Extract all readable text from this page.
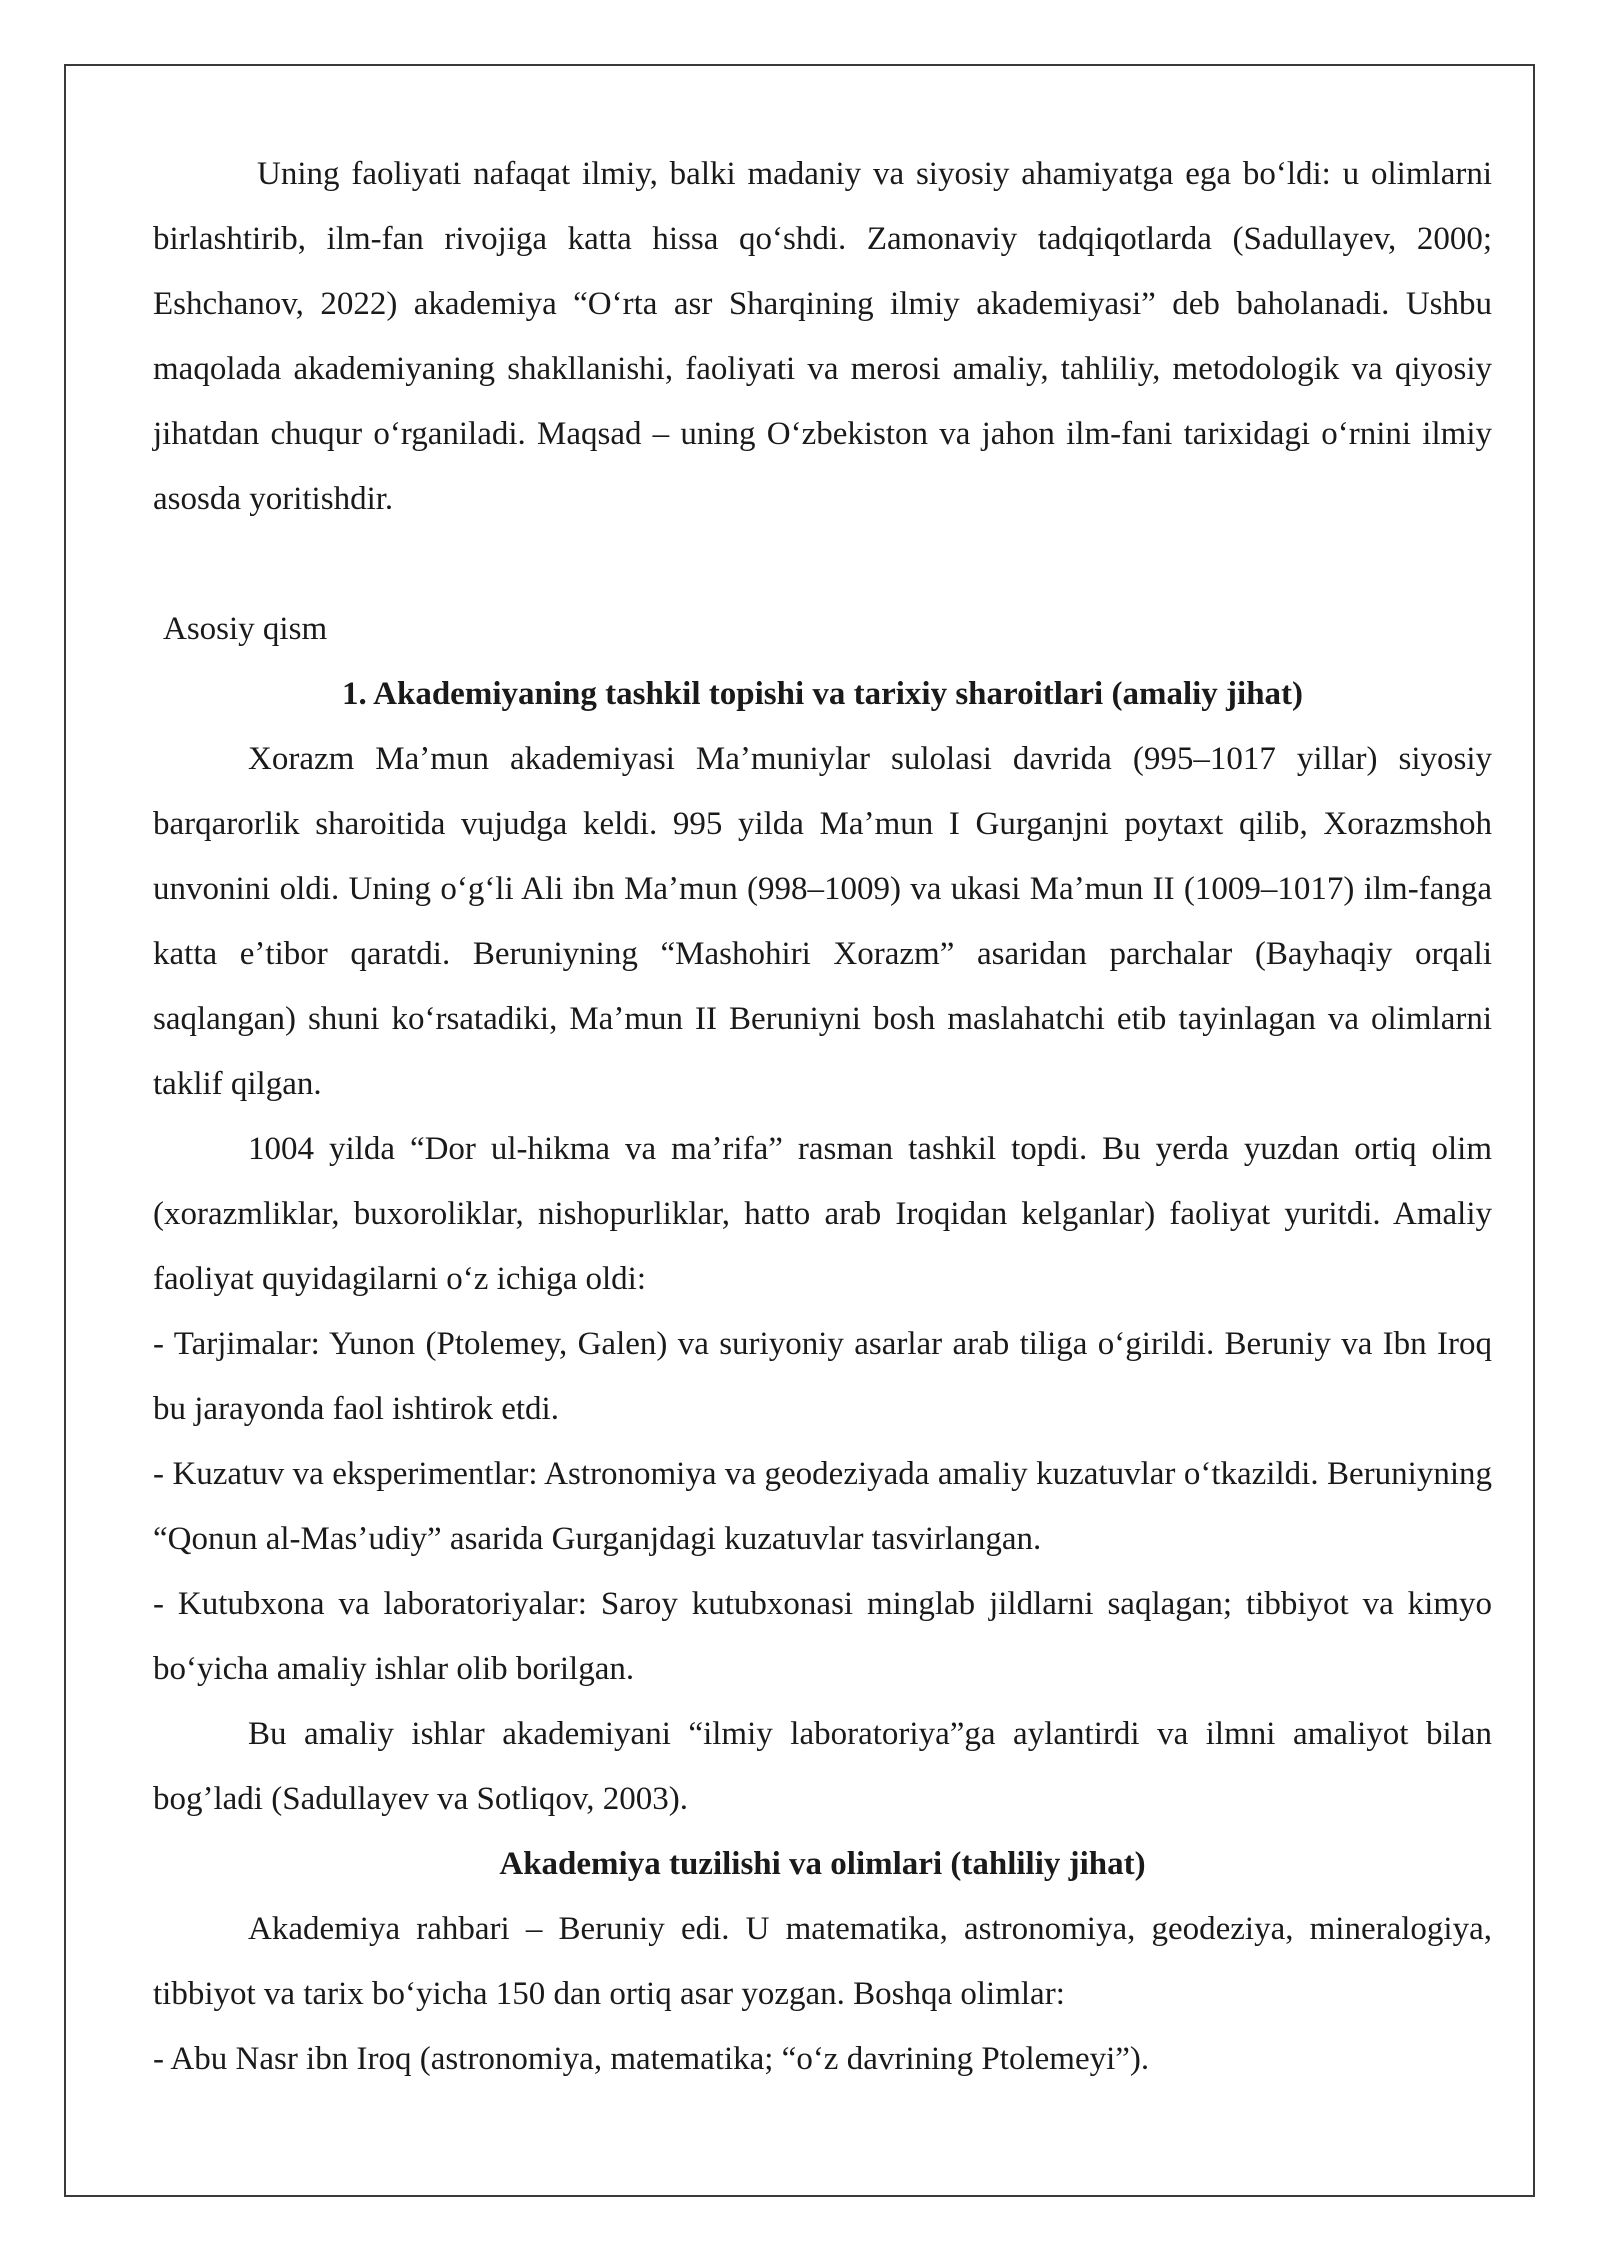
Uning faoliyati nafaqat ilmiy, balki madaniy va siyosiy ahamiyatga ega boʻldi: u olimlarni birlashtirib, ilm-fan rivojiga katta hissa qoʻshdi. Zamonaviy tadqiqotlarda (Sadullayev, 2000; Eshchanov, 2022) akademiya “Oʻrta asr Sharqining ilmiy akademiyasi” deb baholanadi. Ushbu maqolada akademiyaning shakllanishi, faoliyati va merosi amaliy, tahliliy, metodologik va qiyosiy jihatdan chuqur oʻrganiladi. Maqsad – uning Oʻzbekiston va jahon ilm-fani tarixidagi oʻrnini ilmiy asosda yoritishdir.

Asosiy qism

1. Akademiyaning tashkil topishi va tarixiy sharoitlari (amaliy jihat)

Xorazm Maʼmun akademiyasi Maʼmuniylar sulolasi davrida (995–1017 yillar) siyosiy barqarorlik sharoitida vujudga keldi. 995 yilda Maʼmun I Gurganjni poytaxt qilib, Xorazmshoh unvonini oldi. Uning oʻgʻli Ali ibn Maʼmun (998–1009) va ukasi Maʼmun II (1009–1017) ilm-fanga katta eʼtibor qaratdi. Beruniyning “Mashohiri Xorazm” asaridan parchalar (Bayhaqiy orqali saqlangan) shuni koʻrsatadiki, Maʼmun II Beruniyni bosh maslahatchi etib tayinlagan va olimlarni taklif qilgan.

1004 yilda “Dor ul-hikma va maʼrifa” rasman tashkil topdi. Bu yerda yuzdan ortiq olim (xorazmliklar, buxoroliklar, nishopurliklar, hatto arab Iroqidan kelganlar) faoliyat yuritdi. Amaliy faoliyat quyidagilarni oʻz ichiga oldi:

- Tarjimalar: Yunon (Ptolemey, Galen) va suriyoniy asarlar arab tiliga oʻgirildi. Beruniy va Ibn Iroq bu jarayonda faol ishtirok etdi.

- Kuzatuv va eksperimentlar: Astronomiya va geodeziyada amaliy kuzatuvlar oʻtkazildi. Beruniyning “Qonun al-Masʼudiy” asarida Gurganjdagi kuzatuvlar tasvirlangan.

- Kutubxona va laboratoriyalar: Saroy kutubxonasi minglab jildlarni saqlagan; tibbiyot va kimyo boʻyicha amaliy ishlar olib borilgan.

Bu amaliy ishlar akademiyani “ilmiy laboratoriya”ga aylantirdi va ilmni amaliyot bilan bogʼladi (Sadullayev va Sotliqov, 2003).

Akademiya tuzilishi va olimlari (tahliliy jihat)

Akademiya rahbari – Beruniy edi. U matematika, astronomiya, geodeziya, mineralogiya, tibbiyot va tarix boʻyicha 150 dan ortiq asar yozgan. Boshqa olimlar:

- Abu Nasr ibn Iroq (astronomiya, matematika; “oʻz davrining Ptolemeyi”).
